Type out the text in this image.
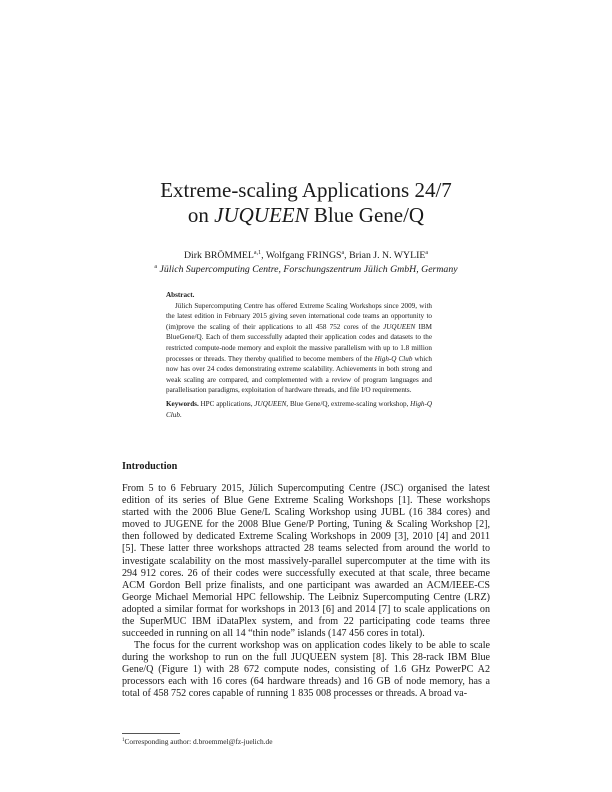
Extreme-scaling Applications 24/7
on JUQUEEN Blue Gene/Q
Dirk BRÖMMEL$^{a,1}$, Wolfgang FRINGS$^a$, Brian J. N. WYLIE$^a$
$^a$ Jülich Supercomputing Centre, Forschungszentrum Jülich GmbH, Germany
Abstract.
Jülich Supercomputing Centre has offered Extreme Scaling Workshops since 2009, with the latest edition in February 2015 giving seven international code teams an opportunity to (im)prove the scaling of their applications to all 458 752 cores of the JUQUEEN IBM BlueGene/Q. Each of them successfully adapted their application codes and datasets to the restricted compute-node memory and exploit the massive parallelism with up to 1.8 million processes or threads. They thereby qualified to become members of the High-Q Club which now has over 24 codes demonstrating extreme scalability. Achievements in both strong and weak scaling are compared, and complemented with a review of program languages and parallelisation paradigms, exploitation of hardware threads, and file I/O requirements.
Keywords. HPC applications, JUQUEEN, Blue Gene/Q, extreme-scaling workshop, High-Q Club.
Introduction
From 5 to 6 February 2015, Jülich Supercomputing Centre (JSC) organised the latest edition of its series of Blue Gene Extreme Scaling Workshops [1]. These workshops started with the 2006 Blue Gene/L Scaling Workshop using JUBL (16 384 cores) and moved to JUGENE for the 2008 Blue Gene/P Porting, Tuning & Scaling Workshop [2], then followed by dedicated Extreme Scaling Workshops in 2009 [3], 2010 [4] and 2011 [5]. These latter three workshops attracted 28 teams selected from around the world to investigate scalability on the most massively-parallel supercomputer at the time with its 294 912 cores. 26 of their codes were successfully executed at that scale, three became ACM Gordon Bell prize finalists, and one participant was awarded an ACM/IEEE-CS George Michael Memorial HPC fellowship. The Leibniz Supercomputing Centre (LRZ) adopted a similar format for workshops in 2013 [6] and 2014 [7] to scale applications on the SuperMUC IBM iDataPlex system, and from 22 participating code teams three succeeded in running on all 14 “thin node” islands (147 456 cores in total).
The focus for the current workshop was on application codes likely to be able to scale during the workshop to run on the full JUQUEEN system [8]. This 28-rack IBM Blue Gene/Q (Figure 1) with 28 672 compute nodes, consisting of 1.6 GHz PowerPC A2 processors each with 16 cores (64 hardware threads) and 16 GB of node memory, has a total of 458 752 cores capable of running 1 835 008 processes or threads. A broad va-
$^1$Corresponding author: d.broemmel@fz-juelich.de
